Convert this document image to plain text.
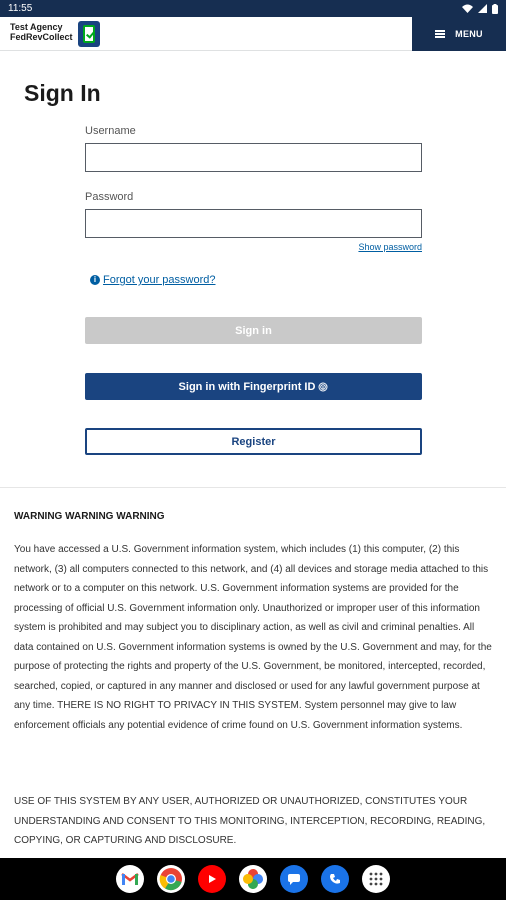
11:55
Test Agency
FedRevCollect	MENU
Sign In
Username
Password
Show password
i Forgot your password?
Sign in
Sign in with Fingerprint ID
Register
WARNING WARNING WARNING

You have accessed a U.S. Government information system, which includes (1) this computer, (2) this network, (3) all computers connected to this network, and (4) all devices and storage media attached to this network or to a computer on this network. U.S. Government information systems are provided for the processing of official U.S. Government information only. Unauthorized or improper user of this information system is prohibited and may subject you to disciplinary action, as well as civil and criminal penalties. All data contained on U.S. Government information systems is owned by the U.S. Government and may, for the purpose of protecting the rights and property of the U.S. Government, be monitored, intercepted, recorded, searched, copied, or captured in any manner and disclosed or used for any lawful government purpose at any time. THERE IS NO RIGHT TO PRIVACY IN THIS SYSTEM. System personnel may give to law enforcement officials any potential evidence of crime found on U.S. Government information systems.

USE OF THIS SYSTEM BY ANY USER, AUTHORIZED OR UNAUTHORIZED, CONSTITUTES YOUR UNDERSTANDING AND CONSENT TO THIS MONITORING, INTERCEPTION, RECORDING, READING, COPYING, OR CAPTURING AND DISCLOSURE.
